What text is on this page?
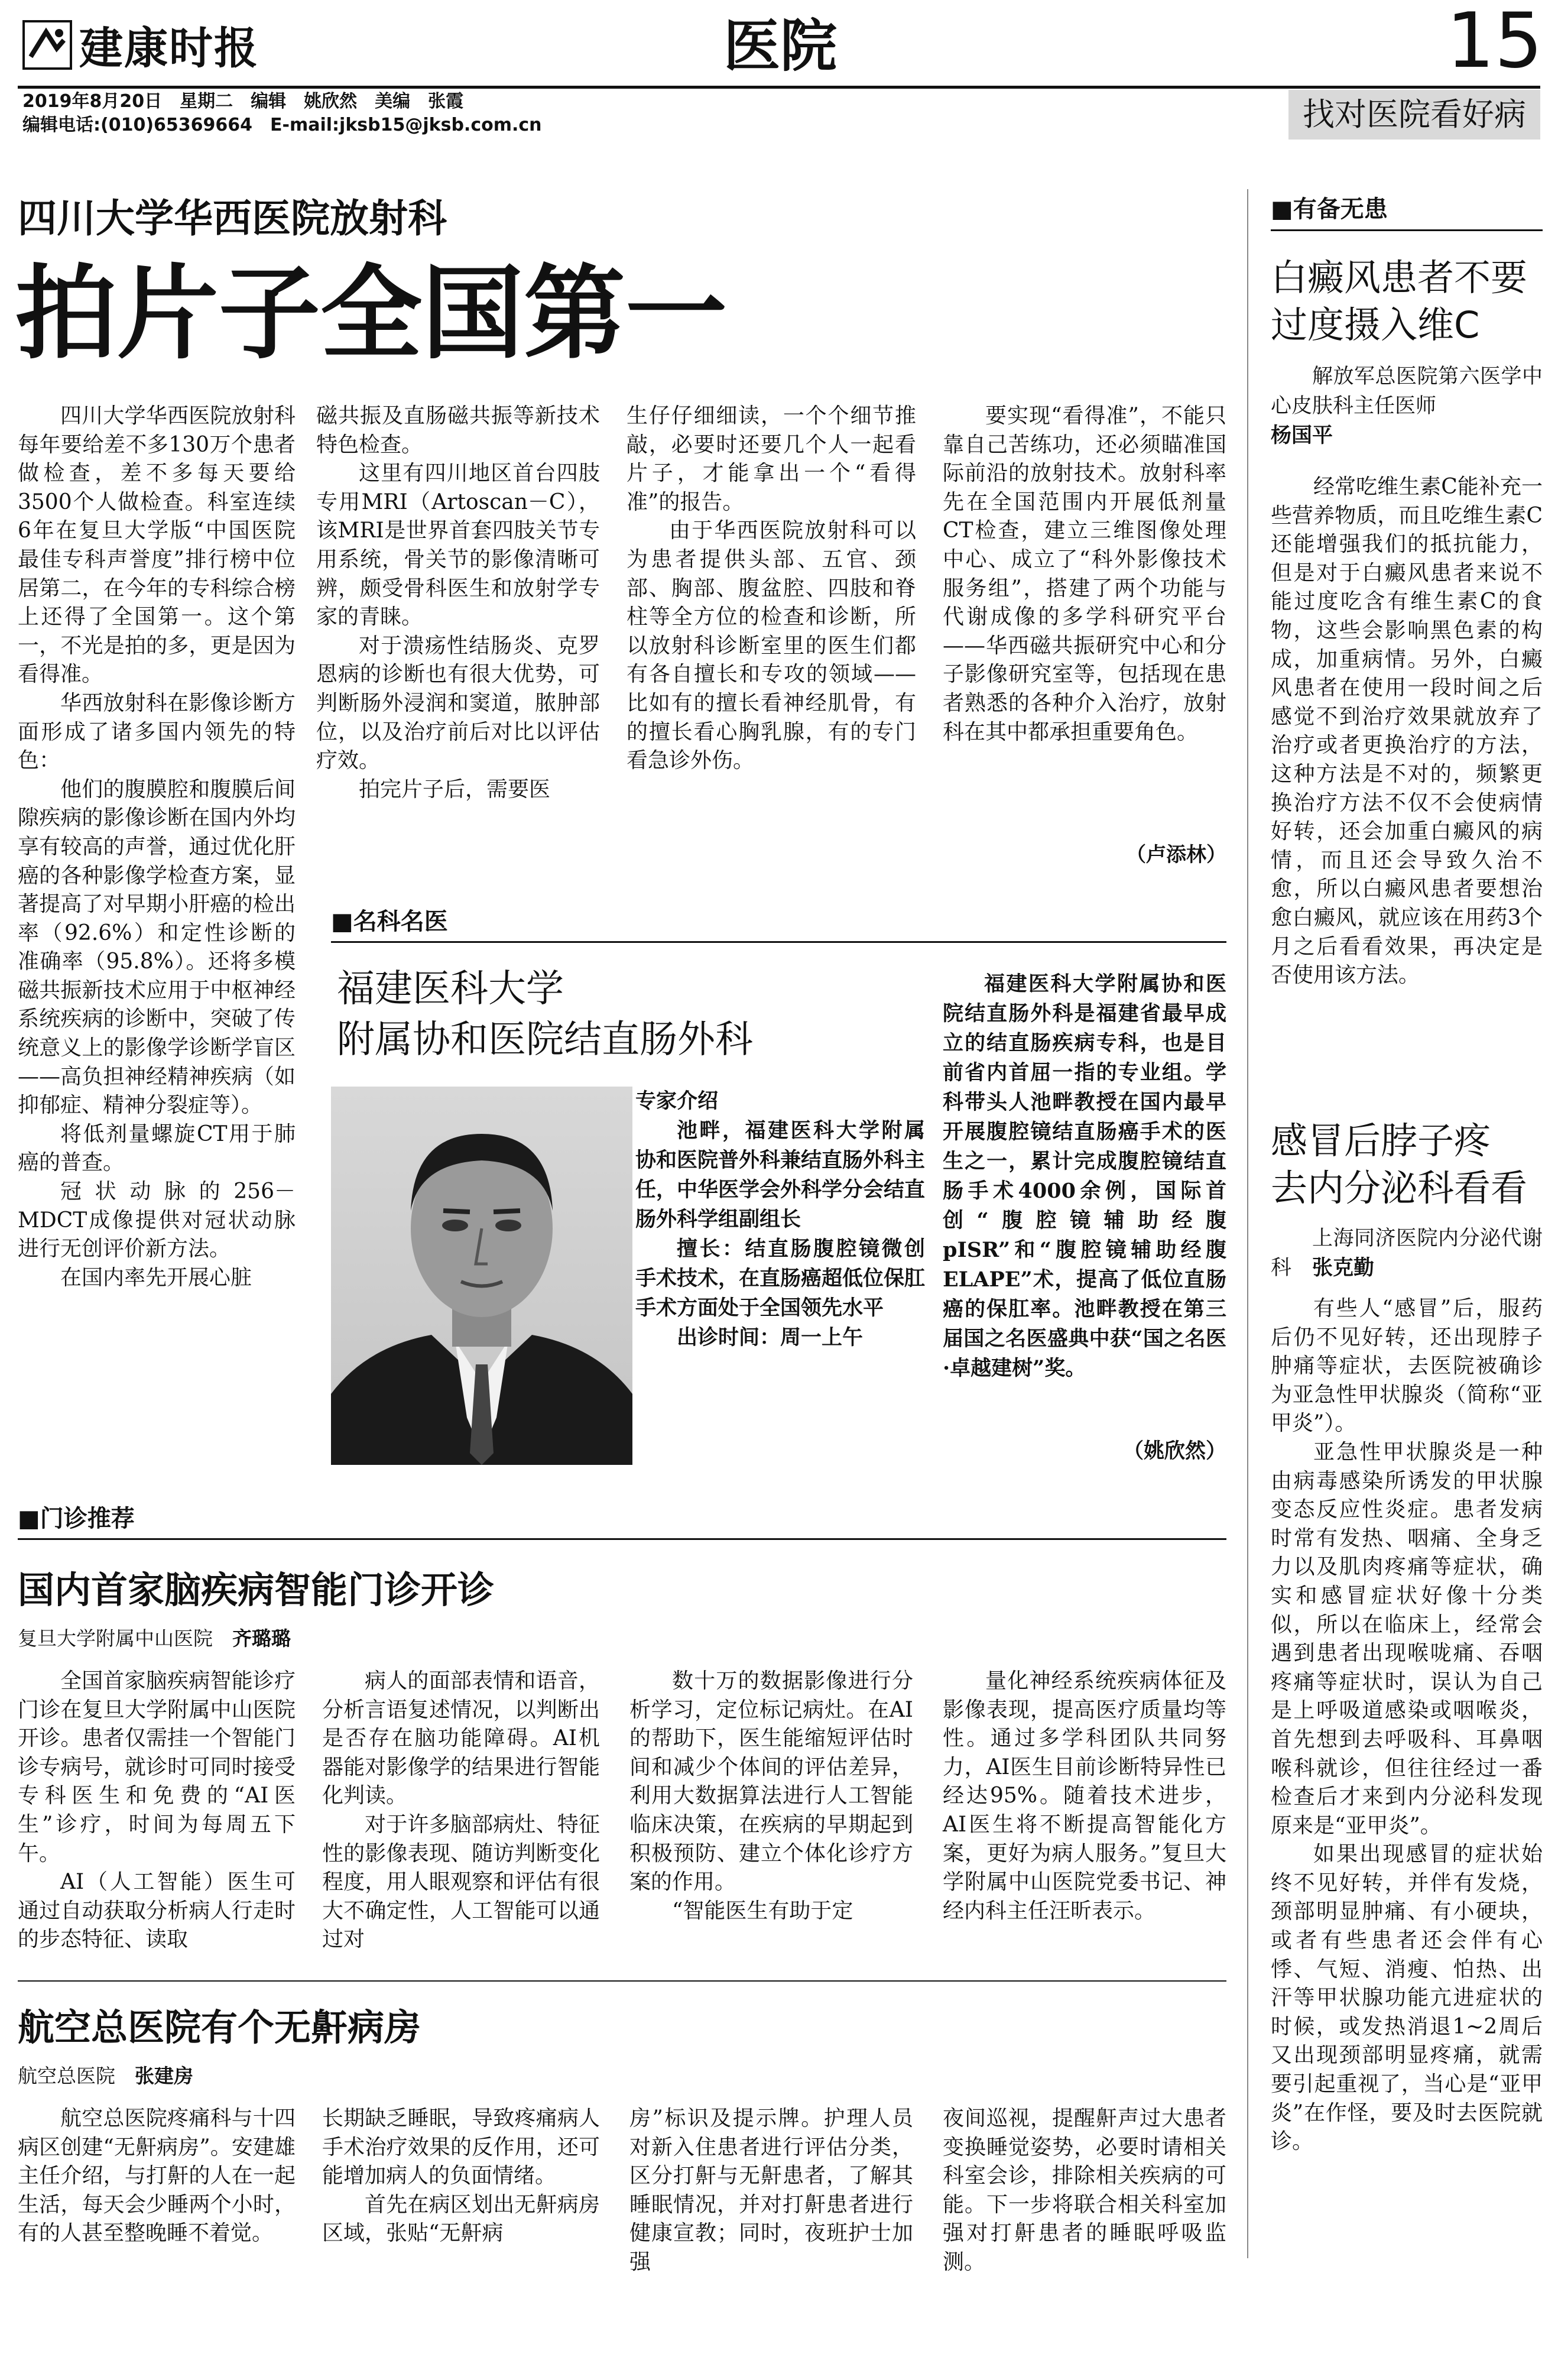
建康时报	医院	15
2019年8月20日　星期二　编辑　姚欣然　美编　张霞
编辑电话:(010)65369664　E-mail:jksb15@jksb.com.cn	找对医院看好病
四川大学华西医院放射科
拍片子全国第一

四川大学华西医院放射科每年要给差不多130万个患者做检查，差不多每天要给3500个人做检查。科室连续6年在复旦大学版“中国医院最佳专科声誉度”排行榜中位居第二，在今年的专科综合榜上还得了全国第一。这个第一，不光是拍的多，更是因为看得准。

华西放射科在影像诊断方面形成了诸多国内领先的特色：

他们的腹膜腔和腹膜后间隙疾病的影像诊断在国内外均享有较高的声誉，通过优化肝癌的各种影像学检查方案，显著提高了对早期小肝癌的检出率（92.6%）和定性诊断的准确率（95.8%）。还将多模磁共振新技术应用于中枢神经系统疾病的诊断中，突破了传统意义上的影像学诊断学盲区——高负担神经精神疾病（如抑郁症、精神分裂症等）。

将低剂量螺旋CT用于肺癌的普查。

冠状动脉的256－MDCT成像提供对冠状动脉进行无创评价新方法。

在国内率先开展心脏

磁共振及直肠磁共振等新技术特色检查。

这里有四川地区首台四肢专用MRI（Artoscan－C），该MRI是世界首套四肢关节专用系统，骨关节的影像清晰可辨，颇受骨科医生和放射学专家的青睐。

对于溃疡性结肠炎、克罗恩病的诊断也有很大优势，可判断肠外浸润和窦道，脓肿部位，以及治疗前后对比以评估疗效。

拍完片子后，需要医

生仔仔细细读，一个个细节推敲，必要时还要几个人一起看片子，才能拿出一个“看得准”的报告。

由于华西医院放射科可以为患者提供头部、五官、颈部、胸部、腹盆腔、四肢和脊柱等全方位的检查和诊断，所以放射科诊断室里的医生们都有各自擅长和专攻的领域——比如有的擅长看神经肌骨，有的擅长看心胸乳腺，有的专门看急诊外伤。

要实现“看得准”，不能只靠自己苦练功，还必须瞄准国际前沿的放射技术。放射科率先在全国范围内开展低剂量CT检查，建立三维图像处理中心、成立了“科外影像技术服务组”，搭建了两个功能与代谢成像的多学科研究平台——华西磁共振研究中心和分子影像研究室等，包括现在患者熟悉的各种介入治疗，放射科在其中都承担重要角色。

（卢添林）
■名科名医
福建医科大学
附属协和医院结直肠外科

专家介绍

池畔，福建医科大学附属协和医院普外科兼结直肠外科主任，中华医学会外科学分会结直肠外科学组副组长

擅长：结直肠腹腔镜微创手术技术，在直肠癌超低位保肛手术方面处于全国领先水平

出诊时间：周一上午

福建医科大学附属协和医院结直肠外科是福建省最早成立的结直肠疾病专科，也是目前省内首屈一指的专业组。学科带头人池畔教授在国内最早开展腹腔镜结直肠癌手术的医生之一，累计完成腹腔镜结直肠手术4000余例，国际首创“腹腔镜辅助经腹pISR”和“腹腔镜辅助经腹ELAPE”术，提高了低位直肠癌的保肛率。池畔教授在第三届国之名医盛典中获“国之名医·卓越建树”奖。

（姚欣然）
■门诊推荐
国内首家脑疾病智能门诊开诊
复旦大学附属中山医院　 齐璐璐

全国首家脑疾病智能诊疗门诊在复旦大学附属中山医院开诊。患者仅需挂一个智能门诊专病号，就诊时可同时接受专科医生和免费的“AI医生”诊疗，时间为每周五下午。

AI（人工智能）医生可通过自动获取分析病人行走时的步态特征、读取

病人的面部表情和语音，分析言语复述情况，以判断出是否存在脑功能障碍。AI机器能对影像学的结果进行智能化判读。

对于许多脑部病灶、特征性的影像表现、随访判断变化程度，用人眼观察和评估有很大不确定性，人工智能可以通过对

数十万的数据影像进行分析学习，定位标记病灶。在AI的帮助下，医生能缩短评估时间和减少个体间的评估差异，利用大数据算法进行人工智能临床决策，在疾病的早期起到积极预防、建立个体化诊疗方案的作用。

“智能医生有助于定

量化神经系统疾病体征及影像表现，提高医疗质量均等性。通过多学科团队共同努力，AI医生目前诊断特异性已经达95%。随着技术进步，AI医生将不断提高智能化方案，更好为病人服务。”复旦大学附属中山医院党委书记、神经内科主任汪昕表示。

航空总医院有个无鼾病房
航空总医院　 张建房

航空总医院疼痛科与十四病区创建“无鼾病房”。安建雄主任介绍，与打鼾的人在一起生活，每天会少睡两个小时，有的人甚至整晚睡不着觉。

长期缺乏睡眠，导致疼痛病人手术治疗效果的反作用，还可能增加病人的负面情绪。

首先在病区划出无鼾病房区域，张贴“无鼾病

房”标识及提示牌。护理人员对新入住患者进行评估分类，区分打鼾与无鼾患者，了解其睡眠情况，并对打鼾患者进行健康宣教；同时，夜班护士加强

夜间巡视，提醒鼾声过大患者变换睡觉姿势，必要时请相关科室会诊，排除相关疾病的可能。下一步将联合相关科室加强对打鼾患者的睡眠呼吸监测。

■有备无患
白癜风患者不要
过度摄入维C

解放军总医院第六医学中心皮肤科主任医师

杨国平

经常吃维生素C能补充一些营养物质，而且吃维生素C还能增强我们的抵抗能力，但是对于白癜风患者来说不能过度吃含有维生素C的食物，这些会影响黑色素的构成，加重病情。另外，白癜风患者在使用一段时间之后感觉不到治疗效果就放弃了治疗或者更换治疗的方法，这种方法是不对的，频繁更换治疗方法不仅不会使病情好转，还会加重白癜风的病情，而且还会导致久治不愈，所以白癜风患者要想治愈白癜风，就应该在用药3个月之后看看效果，再决定是否使用该方法。

感冒后脖子疼
去内分泌科看看

上海同济医院内分泌代谢科　 张克勤

有些人“感冒”后，服药后仍不见好转，还出现脖子肿痛等症状，去医院被确诊为亚急性甲状腺炎（简称“亚甲炎”）。

亚急性甲状腺炎是一种由病毒感染所诱发的甲状腺变态反应性炎症。患者发病时常有发热、咽痛、全身乏力以及肌肉疼痛等症状，确实和感冒症状好像十分类似，所以在临床上，经常会遇到患者出现喉咙痛、吞咽疼痛等症状时，误认为自己是上呼吸道感染或咽喉炎，首先想到去呼吸科、耳鼻咽喉科就诊，但往往经过一番检查后才来到内分泌科发现原来是“亚甲炎”。

如果出现感冒的症状始终不见好转，并伴有发烧，颈部明显肿痛、有小硬块，或者有些患者还会伴有心悸、气短、消瘦、怕热、出汗等甲状腺功能亢进症状的时候，或发热消退1~2周后又出现颈部明显疼痛，就需要引起重视了，当心是“亚甲炎”在作怪，要及时去医院就诊。
